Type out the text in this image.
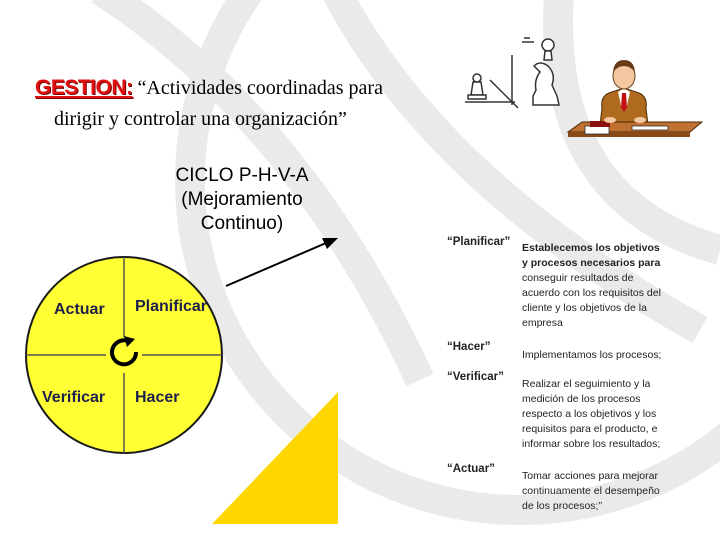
GESTION: “Actividades coordinadas para
dirigir y controlar una organización”
CICLO P-H-V-A
(Mejoramiento
Continuo)
Actuar Planificar
Verificar Hacer
“Planificar” Establecemos los objetivos
y procesos necesarios para
conseguir resultados de
acuerdo con los requisitos del
cliente y los objetivos de la
empresa
“Hacer”
Implementamos los procesos;
“Verificar”
Realizar el seguimiento y la
medición de los procesos
respecto a los objetivos y los
requisitos para el producto, e
informar sobre los resultados;
“Actuar”
Tomar acciones para mejorar
continuamente el desempeño
de los procesos;”
